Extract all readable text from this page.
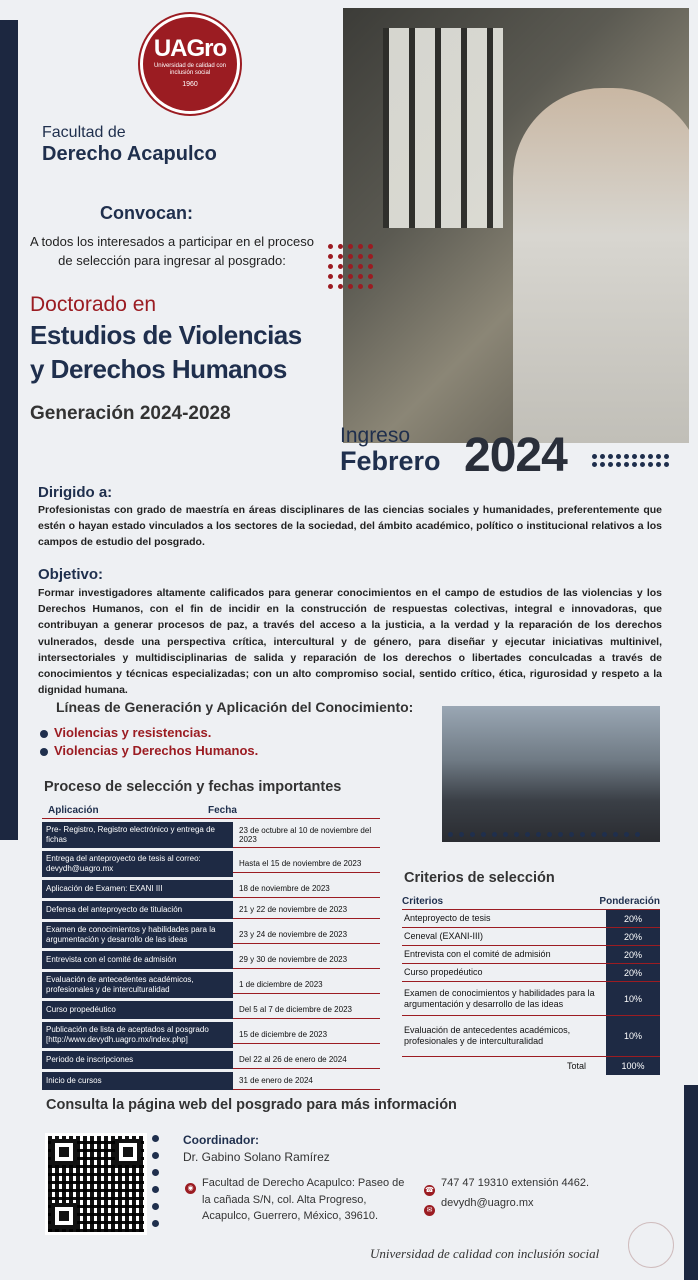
UAGro
Universidad de calidad con inclusión social
1960
Facultad de
Derecho Acapulco
Convocan:
A todos los interesados a participar en el proceso de selección para ingresar al posgrado:
Doctorado en
Estudios de Violencias
y Derechos Humanos
Generación 2024-2028
Ingreso
Febrero 2024
Dirigido a:
Profesionistas con grado de maestría en áreas disciplinares de las ciencias sociales y humanidades, preferentemente que estén o hayan estado vinculados a los sectores de la sociedad, del ámbito académico, político o institucional relativos a los campos de estudio del posgrado.
Objetivo:
Formar investigadores altamente calificados para generar conocimientos en el campo de estudios de las violencias y los Derechos Humanos, con el fin de incidir en la construcción de respuestas colectivas, integral e innovadoras, que contribuyan a generar procesos de paz, a través del acceso a la justicia, a la verdad y la reparación de los derechos vulnerados, desde una perspectiva crítica, intercultural y de género, para diseñar y ejecutar iniciativas multinivel, intersectoriales y multidisciplinarias de salida y reparación de los derechos o libertades conculcadas a través de conocimientos y técnicas especializadas; con un alto compromiso social, sentido crítico, ética, rigurosidad y respeto a la dignidad humana.
Líneas de Generación y Aplicación del Conocimiento:
Violencias y resistencias.
Violencias y Derechos Humanos.
Proceso de selección y fechas importantes
Aplicación	Fecha
Pre- Registro, Registro electrónico y entrega de fichas
23 de octubre al 10 de noviembre del 2023
Entrega del anteproyecto de tesis al correo: devydh@uagro.mx
Hasta el 15 de noviembre de 2023
Aplicación de Examen: EXANI III	18 de noviembre de 2023
Defensa del anteproyecto de titulación	21 y 22 de noviembre de 2023
Examen de conocimientos y habilidades para la argumentación y desarrollo de las ideas
23 y 24 de noviembre de 2023
Entrevista con el comité de admisión	29 y 30 de noviembre de 2023
Evaluación de antecedentes académicos, profesionales y de interculturalidad
1 de diciembre de 2023
Curso propedéutico	Del 5 al 7 de diciembre de 2023
Publicación de lista de aceptados al posgrado [http://www.devydh.uagro.mx/index.php]
15 de diciembre de 2023
Periodo de inscripciones	Del 22 al 26 de enero de 2024
Inicio de cursos	31 de enero de 2024
Criterios de selección
Criterios	Ponderación
Anteproyecto de tesis	20%
Ceneval (EXANI-III)	20%
Entrevista con el comité de admisión	20%
Curso propedéutico	20%
Examen de conocimientos y habilidades para la argumentación y desarrollo de las ideas	10%
Evaluación de antecedentes académicos, profesionales y de interculturalidad	10%
Total	100%
Consulta la página web del posgrado para más información
Coordinador:
Dr. Gabino Solano Ramírez
◉ Facultad de Derecho Acapulco: Paseo de la cañada S/N, col. Alta Progreso, Acapulco, Guerrero, México, 39610.
☎
747 47 19310 extensión 4462.
✉
devydh@uagro.mx
Universidad de calidad con inclusión social
